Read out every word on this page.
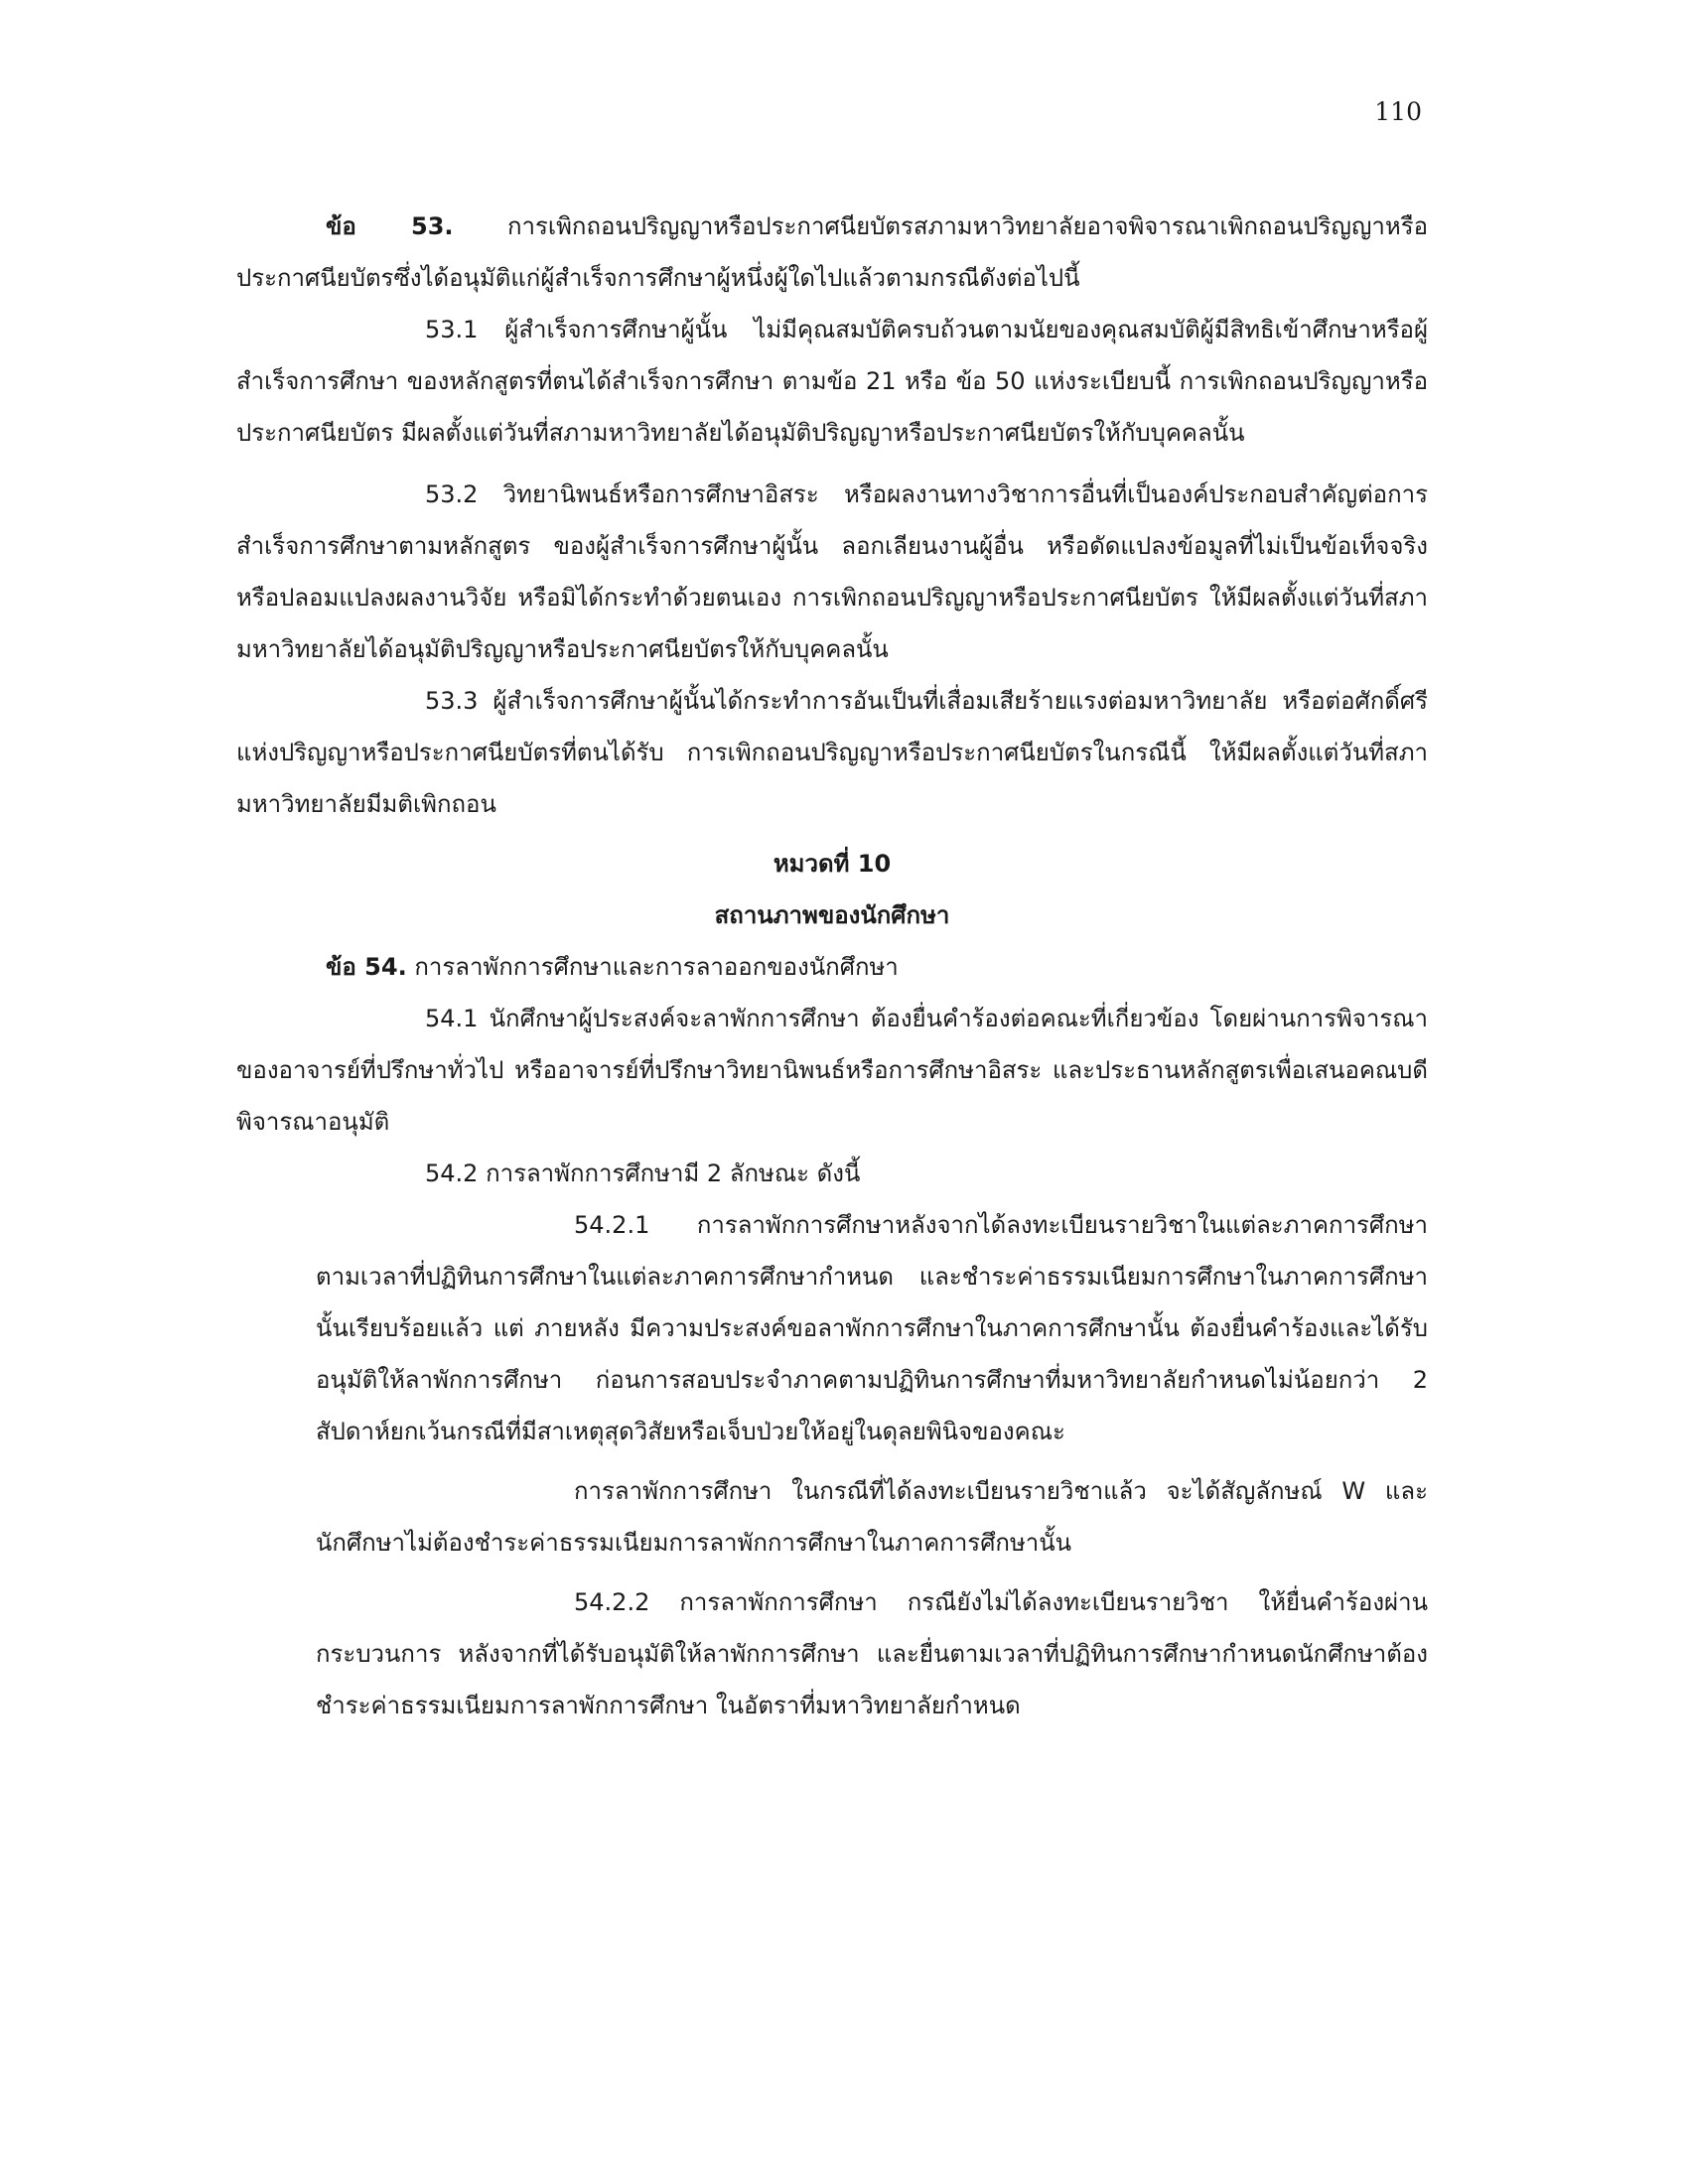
110

ข้อ 53. การเพิกถอนปริญญาหรือประกาศนียบัตรสภามหาวิทยาลัยอาจพิจารณาเพิกถอนปริญญาหรือประกาศนียบัตรซึ่งได้อนุมัติแก่ผู้สำเร็จการศึกษาผู้หนึ่งผู้ใดไปแล้วตามกรณีดังต่อไปนี้

53.1 ผู้สำเร็จการศึกษาผู้นั้น ไม่มีคุณสมบัติครบถ้วนตามนัยของคุณสมบัติผู้มีสิทธิเข้าศึกษาหรือผู้สำเร็จการศึกษา ของหลักสูตรที่ตนได้สำเร็จการศึกษา ตามข้อ 21 หรือ ข้อ 50 แห่งระเบียบนี้ การเพิกถอนปริญญาหรือประกาศนียบัตร มีผลตั้งแต่วันที่สภามหาวิทยาลัยได้อนุมัติปริญญาหรือประกาศนียบัตรให้กับบุคคลนั้น

53.2 วิทยานิพนธ์หรือการศึกษาอิสระ หรือผลงานทางวิชาการอื่นที่เป็นองค์ประกอบสำคัญต่อการสำเร็จการศึกษาตามหลักสูตร ของผู้สำเร็จการศึกษาผู้นั้น ลอกเลียนงานผู้อื่น หรือดัดแปลงข้อมูลที่ไม่เป็นข้อเท็จจริง หรือปลอมแปลงผลงานวิจัย หรือมิได้กระทำด้วยตนเอง การเพิกถอนปริญญาหรือประกาศนียบัตร ให้มีผลตั้งแต่วันที่สภามหาวิทยาลัยได้อนุมัติปริญญาหรือประกาศนียบัตรให้กับบุคคลนั้น

53.3 ผู้สำเร็จการศึกษาผู้นั้นได้กระทำการอันเป็นที่เสื่อมเสียร้ายแรงต่อมหาวิทยาลัย หรือต่อศักดิ์ศรีแห่งปริญญาหรือประกาศนียบัตรที่ตนได้รับ การเพิกถอนปริญญาหรือประกาศนียบัตรในกรณีนี้ ให้มีผลตั้งแต่วันที่สภามหาวิทยาลัยมีมติเพิกถอน

หมวดที่ 10

สถานภาพของนักศึกษา

ข้อ 54. การลาพักการศึกษาและการลาออกของนักศึกษา

54.1 นักศึกษาผู้ประสงค์จะลาพักการศึกษา ต้องยื่นคำร้องต่อคณะที่เกี่ยวข้อง โดยผ่านการพิจารณาของอาจารย์ที่ปรึกษาทั่วไป หรืออาจารย์ที่ปรึกษาวิทยานิพนธ์หรือการศึกษาอิสระ และประธานหลักสูตรเพื่อเสนอคณบดีพิจารณาอนุมัติ

54.2 การลาพักการศึกษามี 2 ลักษณะ ดังนี้

54.2.1 การลาพักการศึกษาหลังจากได้ลงทะเบียนรายวิชาในแต่ละภาคการศึกษาตามเวลาที่ปฏิทินการศึกษาในแต่ละภาคการศึกษากำหนด และชำระค่าธรรมเนียมการศึกษาในภาคการศึกษานั้นเรียบร้อยแล้ว แต่ ภายหลัง มีความประสงค์ขอลาพักการศึกษาในภาคการศึกษานั้น ต้องยื่นคำร้องและได้รับอนุมัติให้ลาพักการศึกษา ก่อนการสอบประจำภาคตามปฏิทินการศึกษาที่มหาวิทยาลัยกำหนดไม่น้อยกว่า 2 สัปดาห์ยกเว้นกรณีที่มีสาเหตุสุดวิสัยหรือเจ็บป่วยให้อยู่ในดุลยพินิจของคณะ

การลาพักการศึกษา ในกรณีที่ได้ลงทะเบียนรายวิชาแล้ว จะได้สัญลักษณ์ W และนักศึกษาไม่ต้องชำระค่าธรรมเนียมการลาพักการศึกษาในภาคการศึกษานั้น

54.2.2 การลาพักการศึกษา กรณียังไม่ได้ลงทะเบียนรายวิชา ให้ยื่นคำร้องผ่านกระบวนการ หลังจากที่ได้รับอนุมัติให้ลาพักการศึกษา และยื่นตามเวลาที่ปฏิทินการศึกษากำหนดนักศึกษาต้องชำระค่าธรรมเนียมการลาพักการศึกษา ในอัตราที่มหาวิทยาลัยกำหนด
